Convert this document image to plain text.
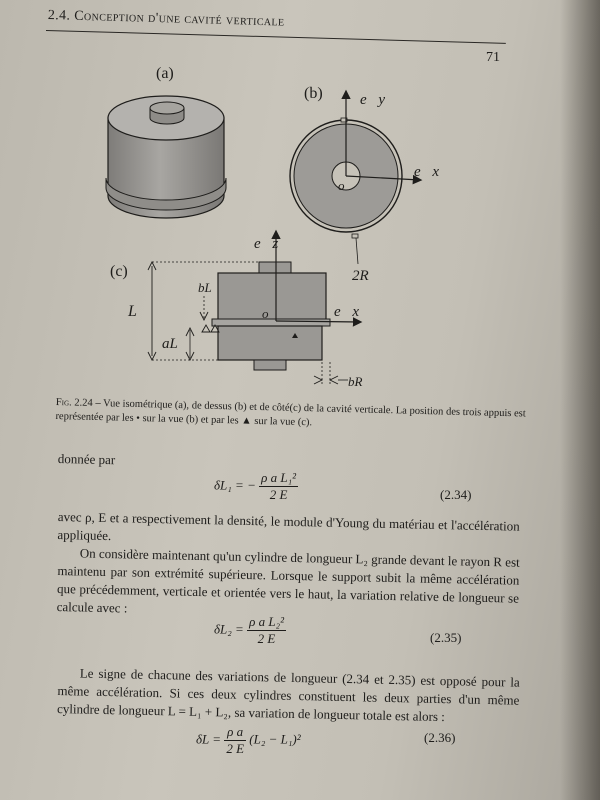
2.4. Conception d'une cavité verticale
71
(a)
(b) e⃗y
e⃗x
o
2R
(c)
e⃗z
e⃗x
o
L
bL
aL
bR
Fig. 2.24 – Vue isométrique (a), de dessus (b) et de côté(c) de la cavité verticale. La position des trois appuis est représentée par les • sur la vue (b) et par les ▲ sur la vue (c).
donnée par
δL₁ = − $\frac{\text{ρ a L₁²}}{2 E}$	(2.34)
avec ρ, E et a respectivement la densité, le module d'Young du matériau et l'accélération appliquée.
On considère maintenant qu'un cylindre de longueur L₂ grande devant le rayon R est maintenu par son extrémité supérieure. Lorsque le support subit la même accélération que précédemment, verticale et orientée vers le haut, la variation relative de longueur se calcule avec :
$\delta L_2 = \frac{\text{ρ a L₂²}}{2 E}$	(2.35)
Le signe de chacune des variations de longueur (2.34 et 2.35) est opposé pour la même accélération. Si ces deux cylindres constituent les deux parties d'un même cylindre de longueur L = L₁ + L₂, sa variation de longueur totale est alors :
$\delta L = \frac{\text{ρ a}}{2 E} (L_2 - L_1)^2$	(2.36)
